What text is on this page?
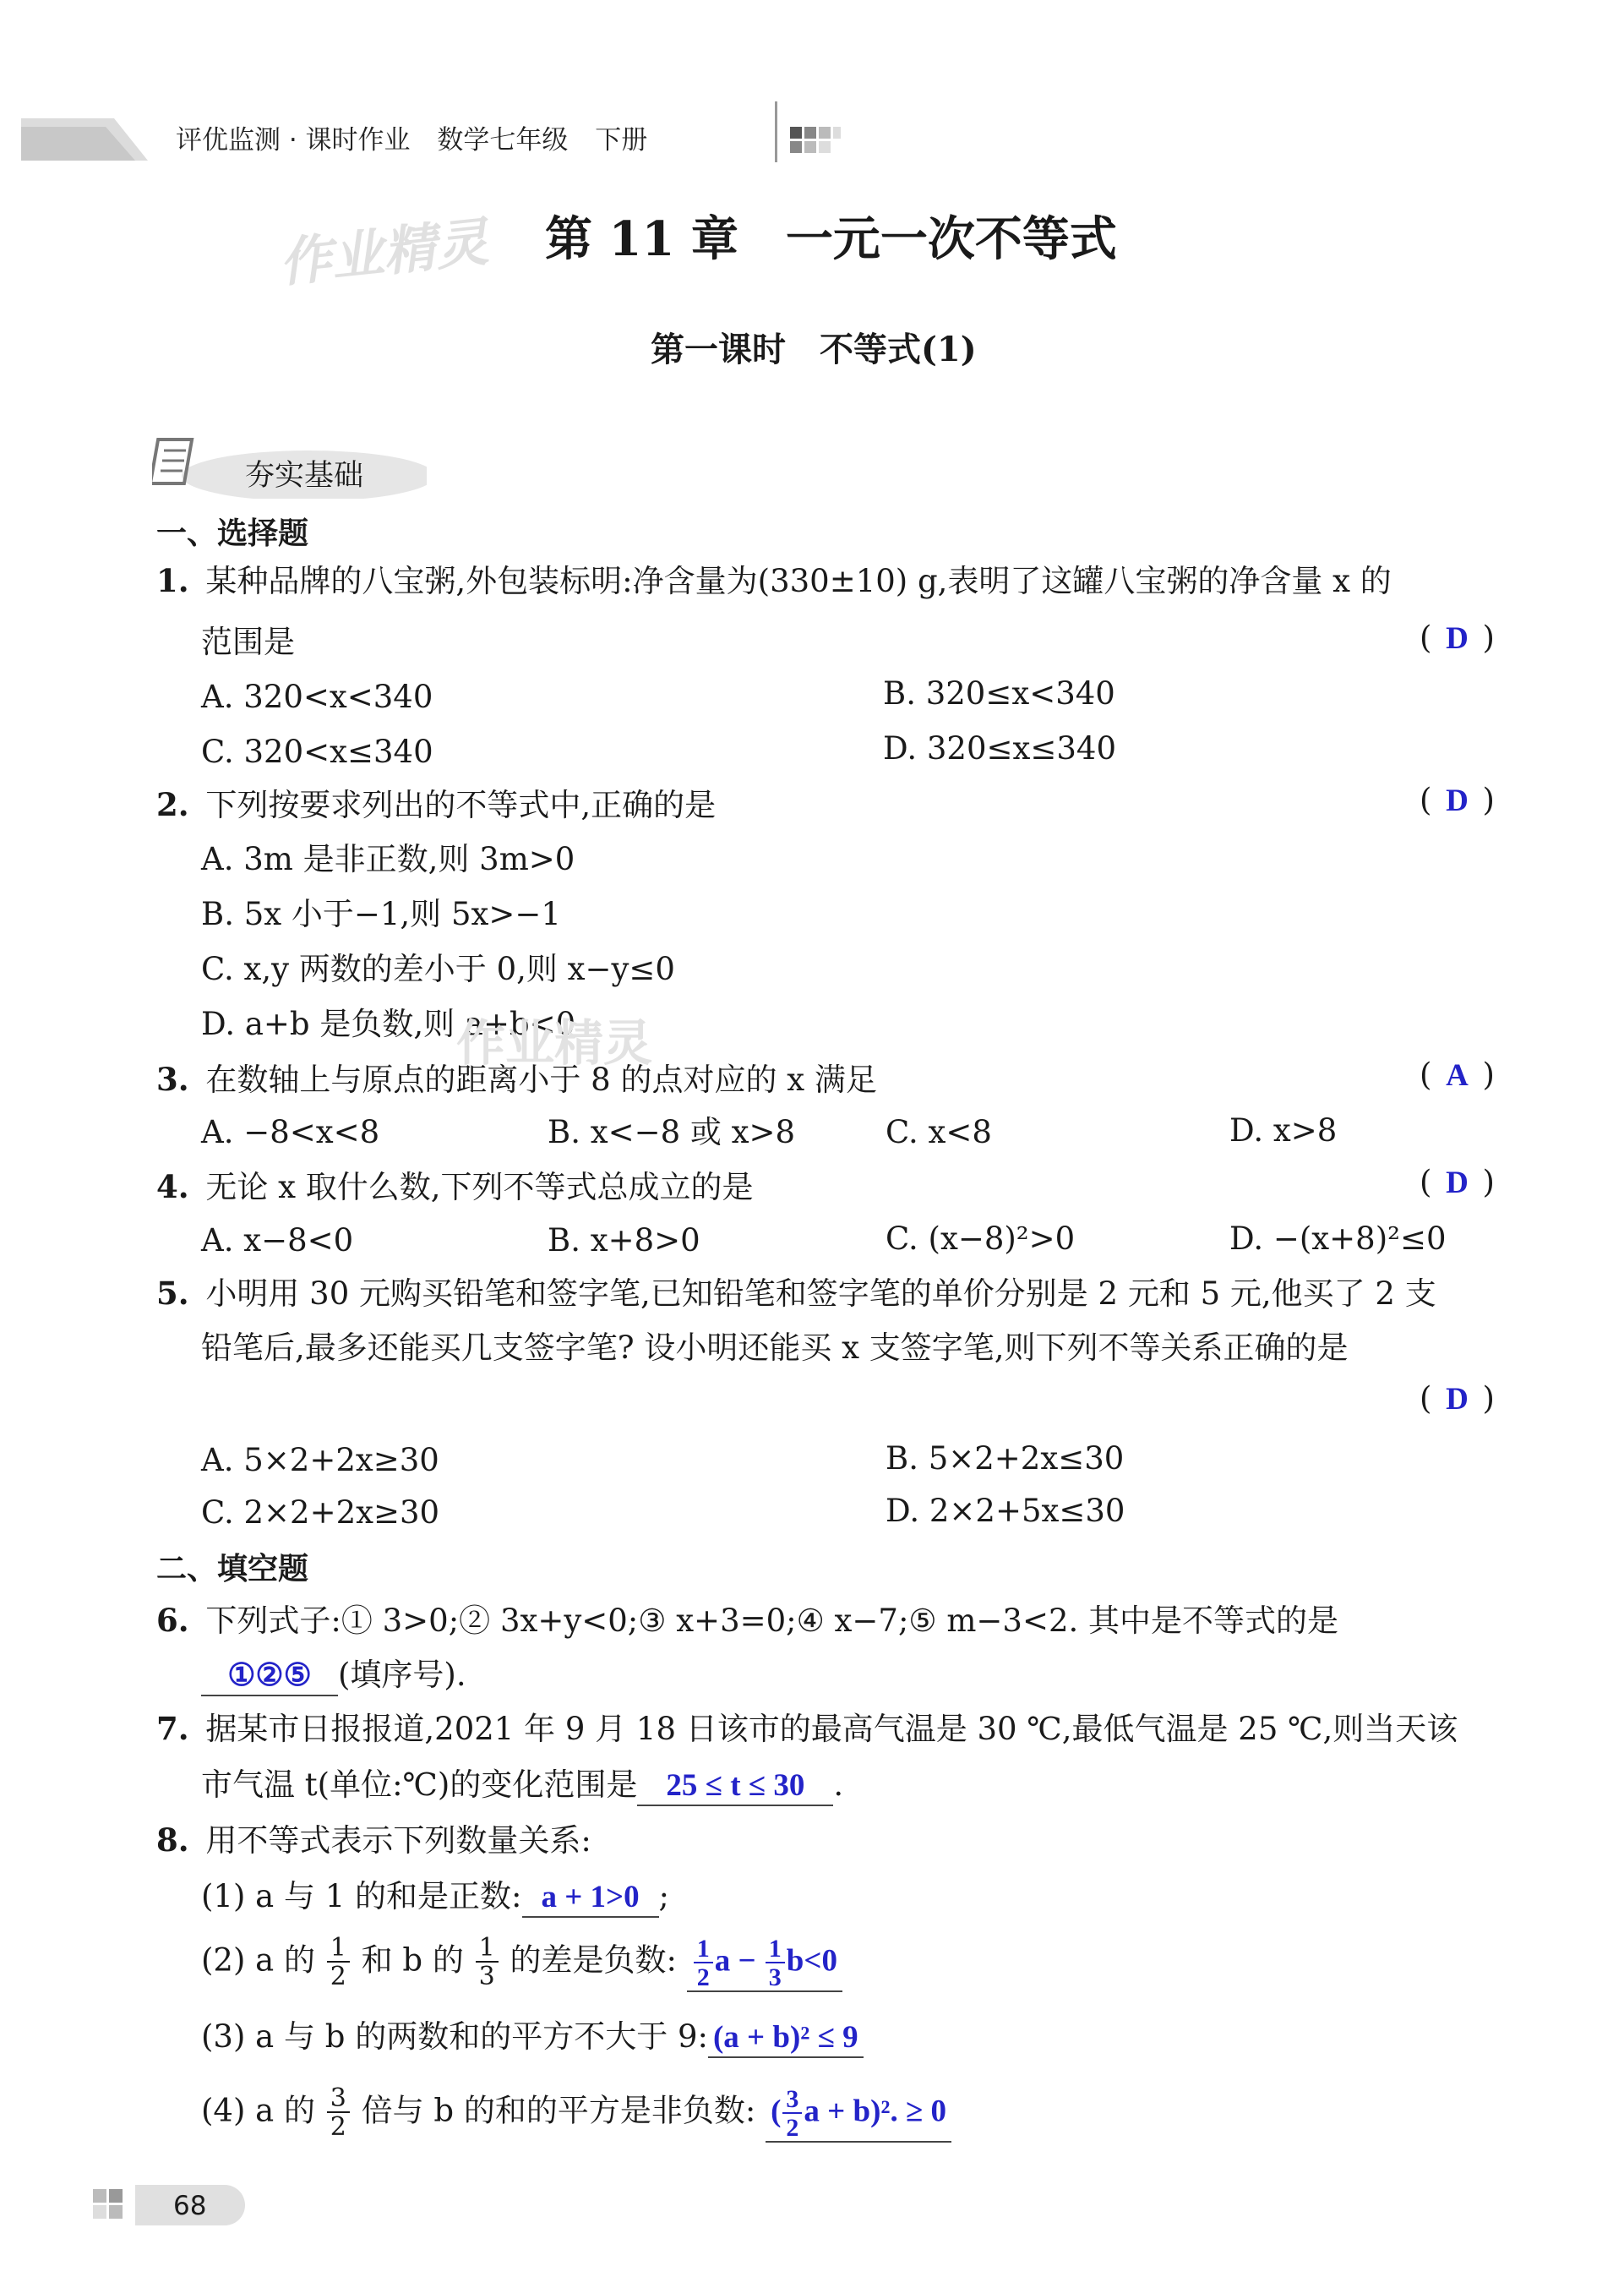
评优监测 · 课时作业 数学七年级 下册
作业精灵 第 11 章　一元一次不等式
第一课时　不等式(1)
夯实基础
一、选择题
1. 某种品牌的八宝粥,外包装标明:净含量为(330±10) g,表明了这罐八宝粥的净含量 x 的
范围是	( D )
A. 320<x<340	B. 320≤x<340
C. 320<x≤340	D. 320≤x≤340
2. 下列按要求列出的不等式中,正确的是	( D )
A. 3m 是非正数,则 3m>0
B. 5x 小于−1,则 5x>−1
C. x,y 两数的差小于 0,则 x−y≤0
D. a+b 是负数,则 a+b<0
作业精灵
3. 在数轴上与原点的距离小于 8 的点对应的 x 满足	( A )
A. −8<x<8	B. x<−8 或 x>8	C. x<8	D. x>8
4. 无论 x 取什么数,下列不等式总成立的是	( D )
A. x−8<0	B. x+8>0	C. (x−8)²>0	D. −(x+8)²≤0
5. 小明用 30 元购买铅笔和签字笔,已知铅笔和签字笔的单价分别是 2 元和 5 元,他买了 2 支
铅笔后,最多还能买几支签字笔? 设小明还能买 x 支签字笔,则下列不等关系正确的是
( D )
A. 5×2+2x≥30	B. 5×2+2x≤30
C. 2×2+2x≥30	D. 2×2+5x≤30
二、填空题
6. 下列式子:① 3>0;② 3x+y<0;③ x+3=0;④ x−7;⑤ m−3<2. 其中是不等式的是
①②⑤ (填序号).
7. 据某市日报报道,2021 年 9 月 18 日该市的最高气温是 30 ℃,最低气温是 25 ℃,则当天该
市气温 t(单位:℃)的变化范围是 25 ≤ t ≤ 30 .
8. 用不等式表示下列数量关系:
(1) a 与 1 的和是正数: a + 1>0 ;
(2) a 的 $\frac{1}{2}$ 和 b 的 $\frac{1}{3}$ 的差是负数: $\frac{1}{2}$ $a - \frac{1}{3} b<0$
(3) a 与 b 的两数和的平方不大于 9: (a + b)² ≤ 9
(4) a 的 $\frac{3}{2}$ 倍与 b 的和的平方是非负数: ( $\frac{3}{2}$ a + b)². ≥ 0
68
